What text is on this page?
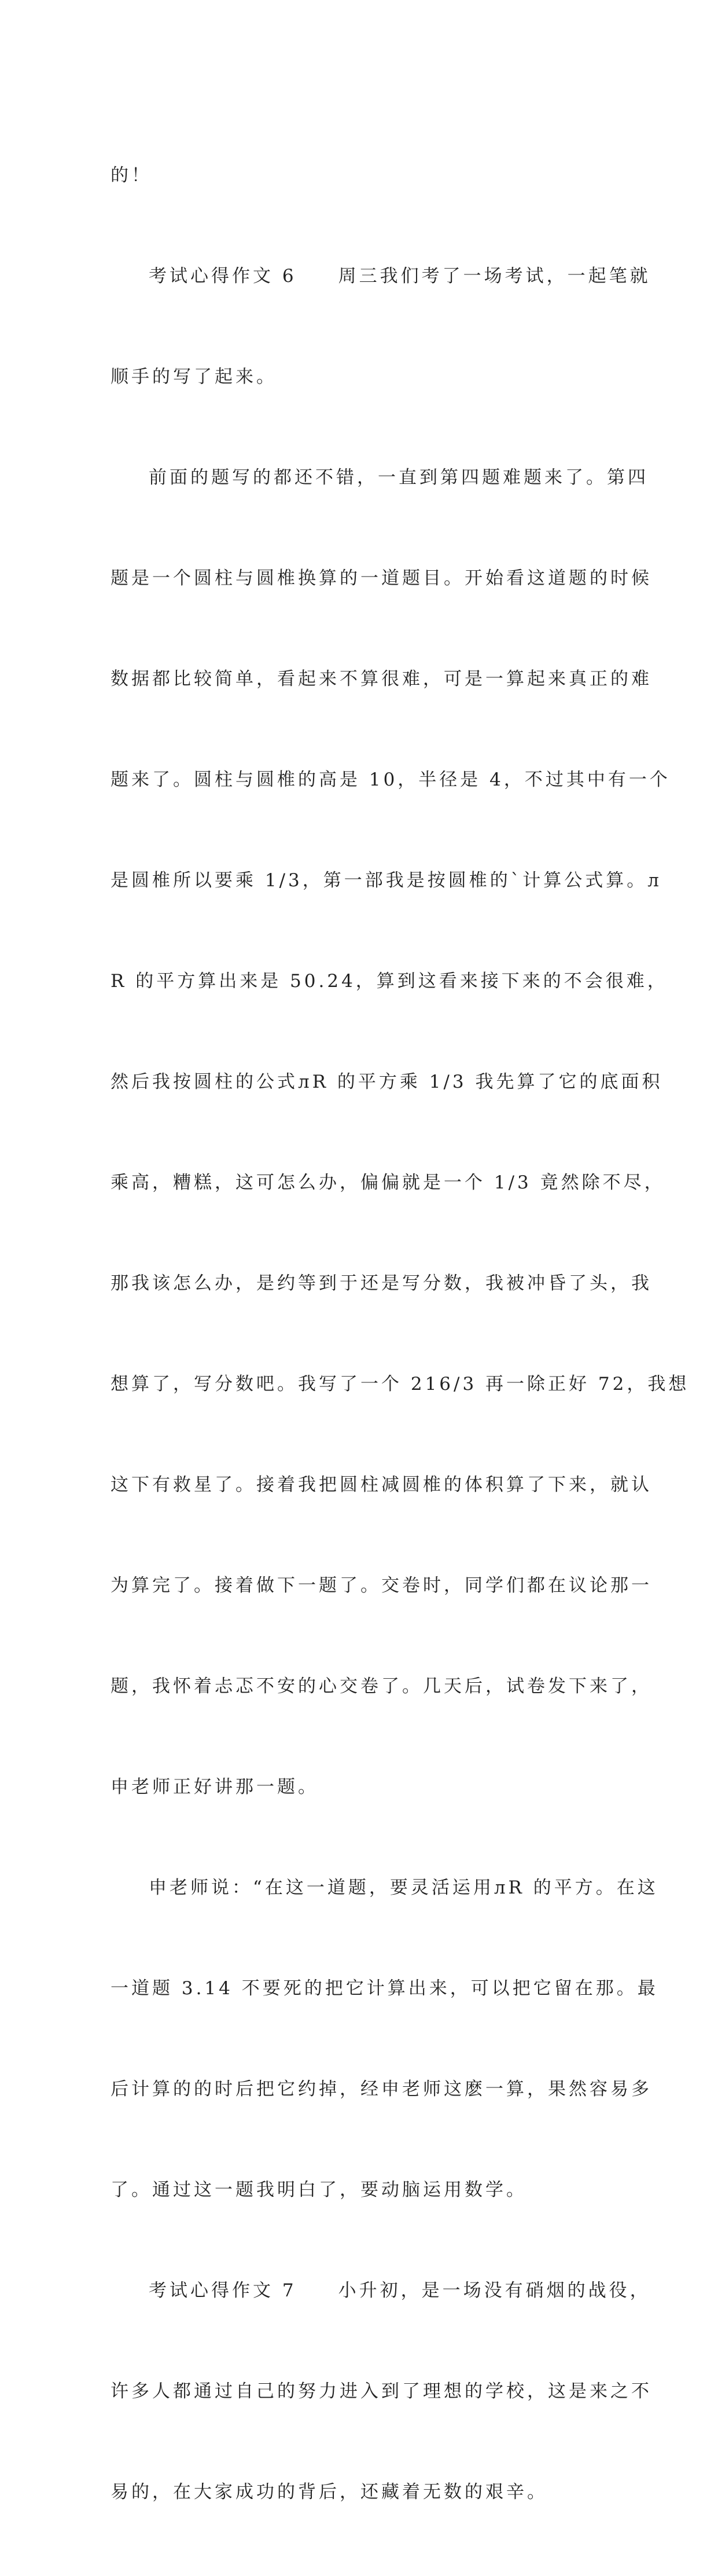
的！

考试心得作文 6　　周三我们考了一场考试，一起笔就

顺手的写了起来。

前面的题写的都还不错，一直到第四题难题来了。第四

题是一个圆柱与圆椎换算的一道题目。开始看这道题的时候

数据都比较简单，看起来不算很难，可是一算起来真正的难

题来了。圆柱与圆椎的高是 10，半径是 4，不过其中有一个

是圆椎所以要乘 1/3，第一部我是按圆椎的`计算公式算。л

R 的平方算出来是 50.24，算到这看来接下来的不会很难，

然后我按圆柱的公式лR 的平方乘 1/3 我先算了它的底面积

乘高，糟糕，这可怎么办，偏偏就是一个 1/3 竟然除不尽，

那我该怎么办，是约等到于还是写分数，我被冲昏了头，我

想算了，写分数吧。我写了一个 216/3 再一除正好 72，我想

这下有救星了。接着我把圆柱减圆椎的体积算了下来，就认

为算完了。接着做下一题了。交卷时，同学们都在议论那一

题，我怀着忐忑不安的心交卷了。几天后，试卷发下来了，

申老师正好讲那一题。

申老师说：“在这一道题，要灵活运用лR 的平方。在这

一道题 3.14 不要死的把它计算出来，可以把它留在那。最

后计算的的时后把它约掉，经申老师这麽一算，果然容易多

了。通过这一题我明白了，要动脑运用数学。

考试心得作文 7　　小升初，是一场没有硝烟的战役，

许多人都通过自己的努力进入到了理想的学校，这是来之不

易的，在大家成功的背后，还藏着无数的艰辛。
